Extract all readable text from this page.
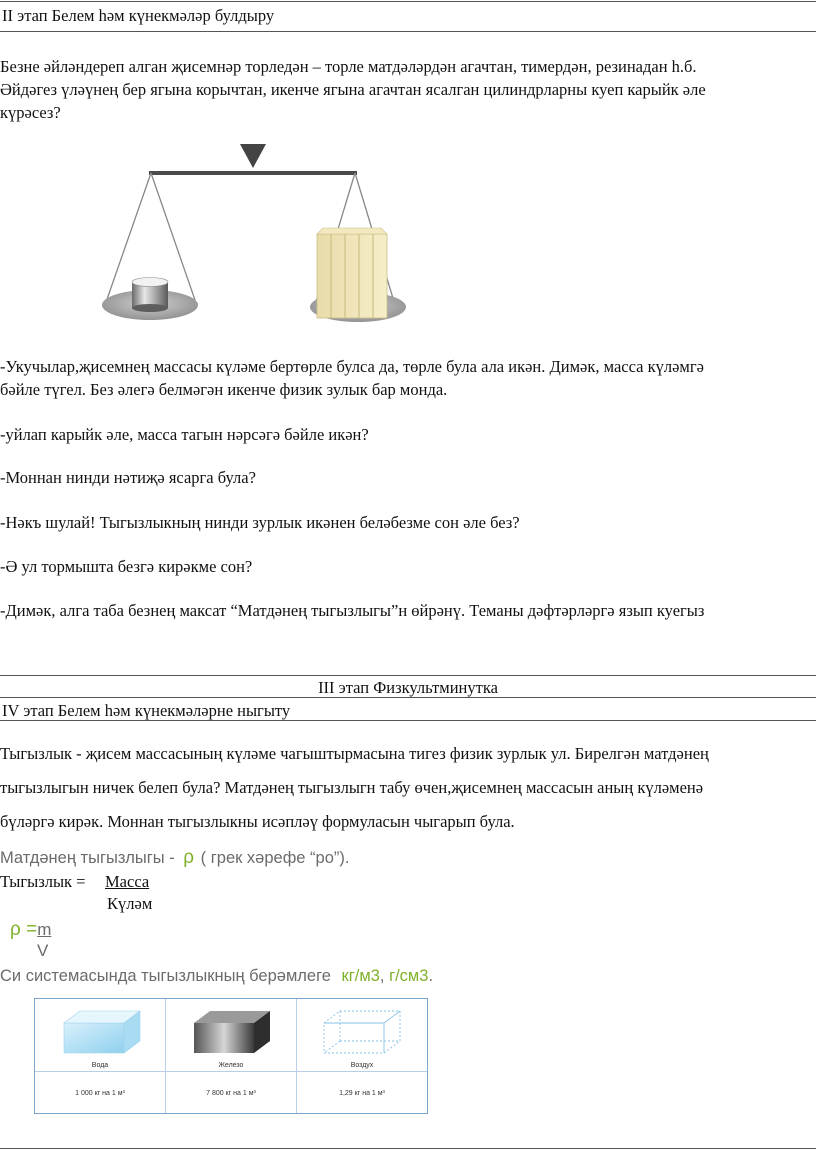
II этап Белем һәм күнекмәләр булдыру
Безне әйләндереп алган җисемнәр торледән – торле матдәләрдән агачтан, тимердән, резинадан h.б.
Әйдәгез үләүнең бер ягына корычтан, икенче ягына агачтан ясалган цилиндрларны куеп карыйк әле
күрәсез?
-Укучылар,җисемнең массасы күләме бертөрле булса да, төрле була ала икән. Димәк, масса күләмгә
бәйле түгел. Без әлегә белмәгән икенче физик зулык бар монда.
-уйлап карыйк әле, масса тагын нәрсәгә бәйле икән?
-Моннан нинди нәтиҗә ясарга була?
-Нәкъ шулай! Тыгызлыкның нинди зурлык икәнен беләбезме сон әле без?
-Ә ул тормышта безгә кирәкме сон?
-Димәк, алга таба безнең максат “Матдәнең тыгызлыгы”н өйрәнү. Теманы дәфтәрләргә язып куегыз
III этап Физкультминутка
IV этап Белем һәм күнекмәләрне ныгыту
Тыгызлык - җисем массасының күләме чагыштырмасына тигез физик зурлык ул. Бирелгән матдәнең
тыгызлыгын ничек белеп була? Матдәнең тыгызлыгн табу өчен,җисемнең массасын аның күләменә
бүләргә кирәк. Моннан тыгызлыкны исәпләү формуласын чыгарып була.
Матдәнең тыгызлыгы - ρ ( грек хәрефе “ро”).
Тыгызлык = Масса
Күләм
ρ =m
V
Си системасында тыгызлыкның берәмлеге кг/м3, г/см3.
Вода	Железо	Воздух
1 000 кг на 1 м³	7 800 кг на 1 м³	1,29 кг на 1 м³
